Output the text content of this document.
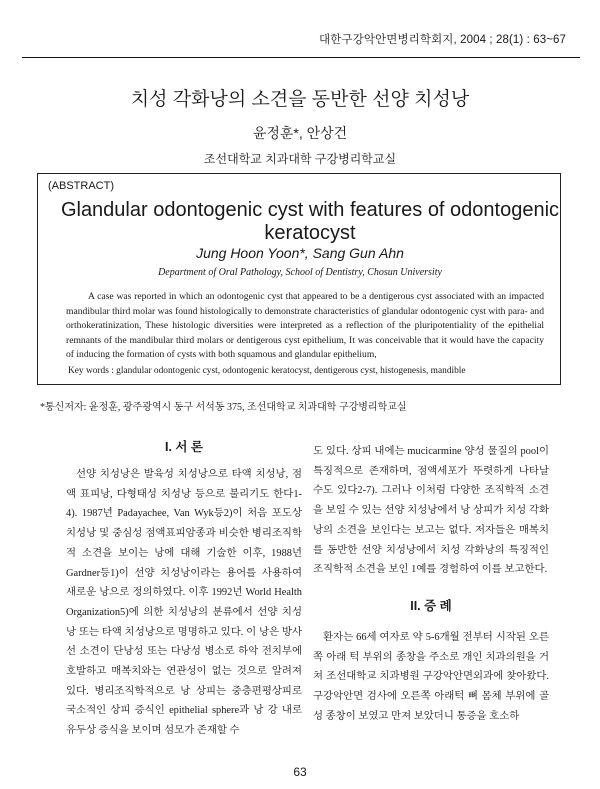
대한구강악안면병리학회지, 2004 ; 28(1) : 63~67
치성 각화낭의 소견을 동반한 선양 치성낭
윤정훈*, 안상건
조선대학교 치과대학 구강병리학교실
(ABSTRACT)
Glandular odontogenic cyst with features of odontogenic keratocyst
Jung Hoon Yoon*, Sang Gun Ahn
Department of Oral Pathology, School of Dentistry, Chosun University

A case was reported in which an odontogenic cyst that appeared to be a dentigerous cyst associated with an impacted mandibular third molar was found histologically to demonstrate characteristics of glandular odontogenic cyst with para- and orthokeratinization, These histologic diversities were interpreted as a reflection of the pluripotentiality of the epithelial remnants of the mandibular third molars or dentigerous cyst epithelium, It was conceivable that it would have the capacity of inducing the formation of cysts with both squamous and glandular epithelium,

Key words : glandular odontogenic cyst, odontogenic keratocyst, dentigerous cyst, histogenesis, mandible
*통신저자: 윤정훈, 광주광역시 동구 서석동 375, 조선대학교 치과대학 구강병리학교실
I. 서 론

선양 치성낭은 발육성 치성낭으로 타액 치성낭, 점액 표피낭, 다형태성 치성낭 등으로 불리기도 한다1-4). 1987년 Padayachee, Van Wyk등2)이 처음 포도상 치성낭 및 중심성 점액표피암종과 비슷한 병리조직학적 소견을 보이는 낭에 대해 기술한 이후, 1988년 Gardner등1)이 선양 치성낭이라는 용어를 사용하여 새로운 낭으로 정의하였다. 이후 1992년 World Health Organization5)에 의한 치성낭의 분류에서 선양 치성낭 또는 타액 치성낭으로 명명하고 있다. 이 낭은 방사선 소견이 단낭성 또는 다낭성 병소로 하악 전치부에 호발하고 매복치와는 연관성이 없는 것으로 알려져 있다. 병리조직학적으로 낭 상피는 중층편평상피로 국소적인 상피 증식인 epithelial sphere과 낭 강 내로 유두상 증식을 보이며 섬모가 존재할 수

도 있다. 상피 내에는 mucicarmine 양성 물질의 pool이 특징적으로 존재하며, 점액세포가 뚜렷하게 나타날 수도 있다2-7). 그러나 이처럼 다양한 조직학적 소견을 보일 수 있는 선양 치성낭에서 낭 상피가 치성 각화낭의 소견을 보인다는 보고는 없다. 저자들은 매복치를 동반한 선양 치성낭에서 치성 각화낭의 특징적인 조직학적 소견을 보인 1예를 경험하여 이를 보고한다.

II. 증 례

환자는 66세 여자로 약 5-6개월 전부터 시작된 오른쪽 아래 턱 부위의 종창을 주소로 개인 치과의원을 거쳐 조선대학교 치과병원 구강악안면외과에 찾아왔다. 구강악안면 검사에 오른쪽 아래턱 뼈 몸체 부위에 골성 종창이 보였고 만져 보았더니 통증을 호소하

63
